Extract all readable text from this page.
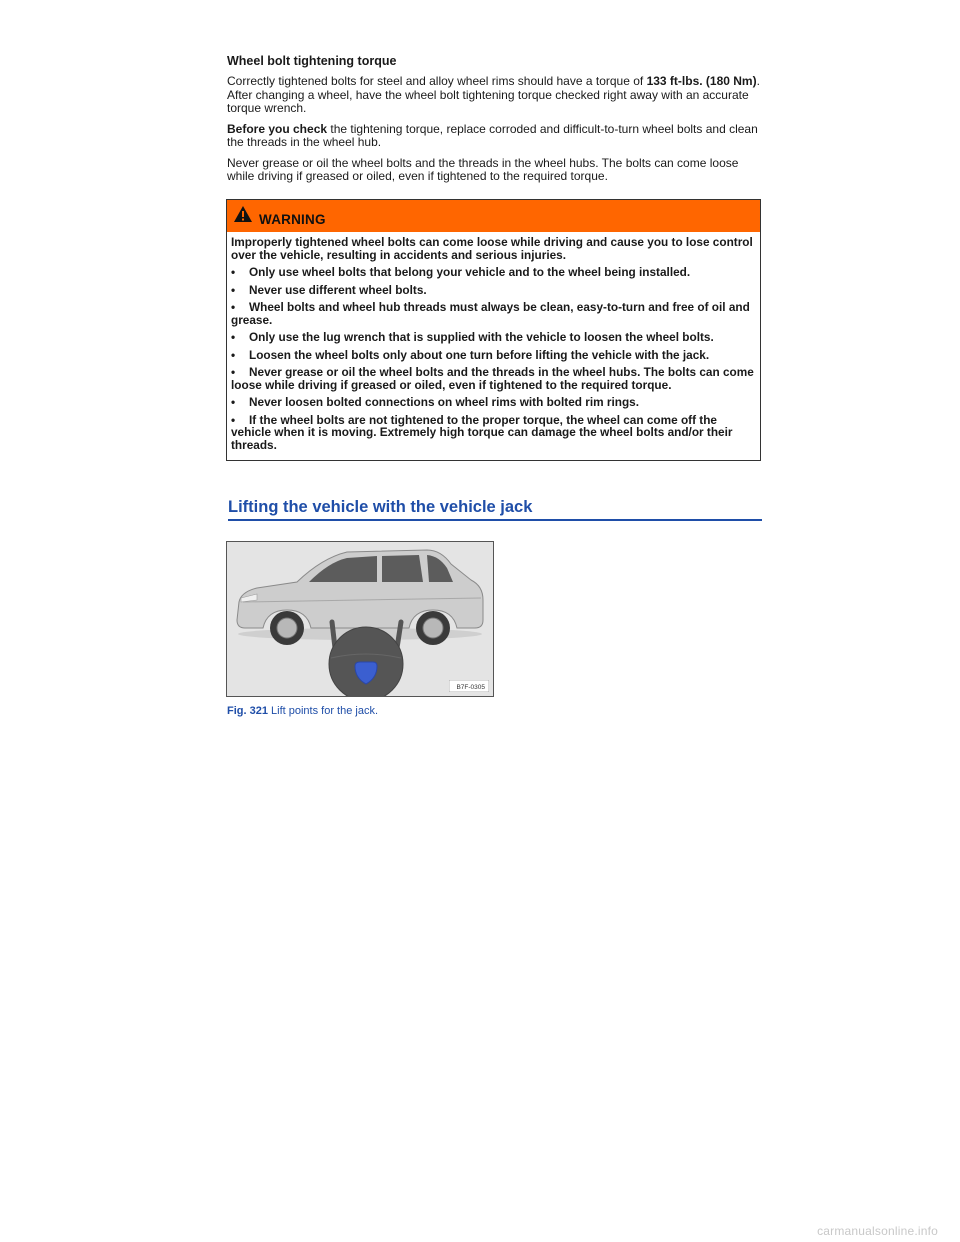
Wheel bolt tightening torque

Correctly tightened bolts for steel and alloy wheel rims should have a torque of 133 ft-lbs. (180 Nm). After changing a wheel, have the wheel bolt tightening torque checked right away with an accurate torque wrench.

Before you check the tightening torque, replace corroded and difficult-to-turn wheel bolts and clean the threads in the wheel hub.

Never grease or oil the wheel bolts and the threads in the wheel hubs. The bolts can come loose while driving if greased or oiled, even if tightened to the required torque.

WARNING

Improperly tightened wheel bolts can come loose while driving and cause you to lose control over the vehicle, resulting in accidents and serious injuries.

• Only use wheel bolts that belong your vehicle and to the wheel being installed.

• Never use different wheel bolts.

• Wheel bolts and wheel hub threads must always be clean, easy-to-turn and free of oil and grease.

• Only use the lug wrench that is supplied with the vehicle to loosen the wheel bolts.

• Loosen the wheel bolts only about one turn before lifting the vehicle with the jack.

• Never grease or oil the wheel bolts and the threads in the wheel hubs. The bolts can come loose while driving if greased or oiled, even if tightened to the required torque.

• Never loosen bolted connections on wheel rims with bolted rim rings.

• If the wheel bolts are not tightened to the proper torque, the wheel can come off the vehicle when it is moving. Extremely high torque can damage the wheel bolts and/or their threads.

Lifting the vehicle with the vehicle jack
B7F-0305
Fig. 321 Lift points for the jack.
carmanualsonline.info
